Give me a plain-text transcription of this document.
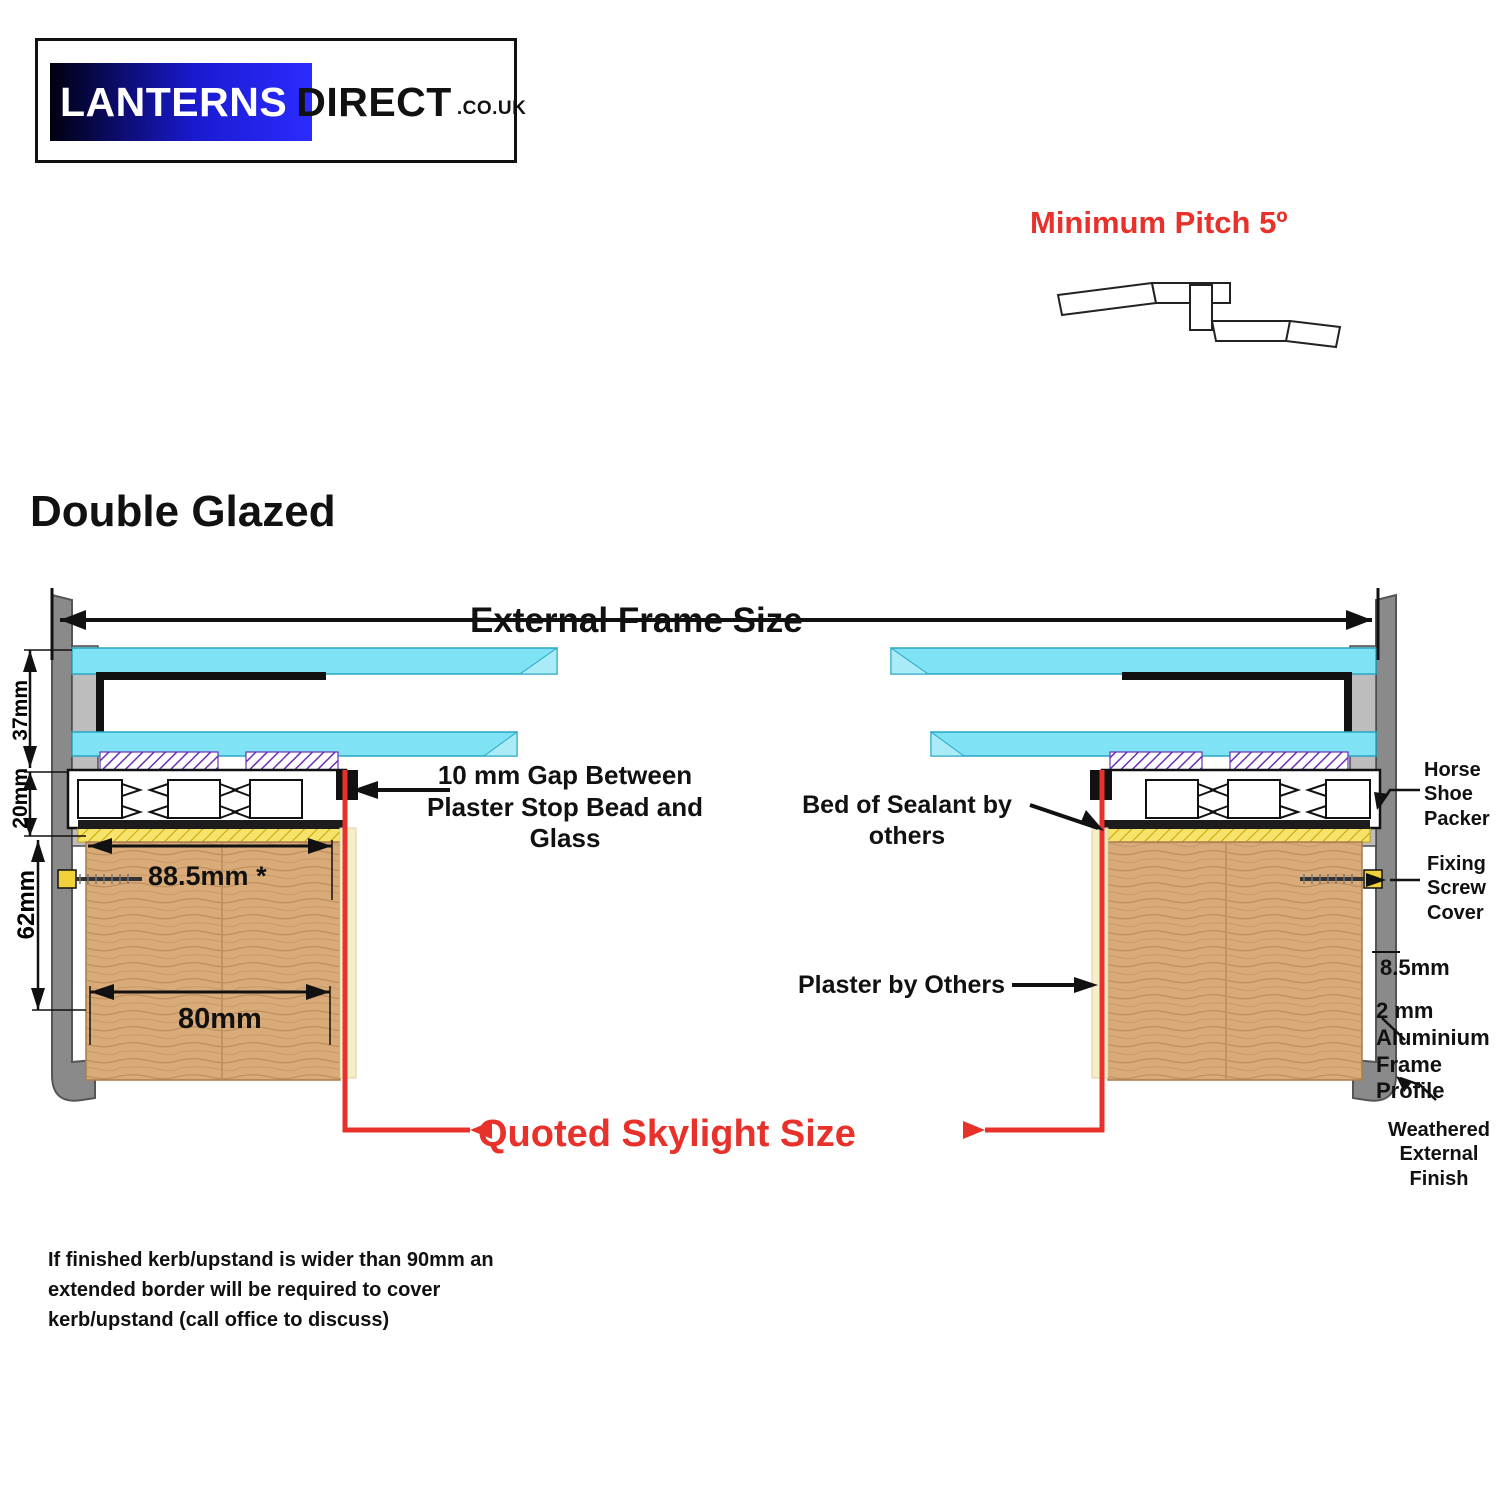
LANTERNS DIRECT .CO.UK
Minimum Pitch 5º
Double Glazed
External Frame Size
10 mm Gap Between Plaster Stop Bead and Glass
Bed of Sealant by others
Plaster by Others
Horse Shoe Packer
Fixing Screw Cover
8.5mm
2 mm Aluminium Frame Profile
Weathered External Finish
Quoted Skylight Size
88.5mm *
80mm
37mm
20mm
62mm
If finished kerb/upstand is wider than 90mm an extended border will be required to cover kerb/upstand (call office to discuss)
